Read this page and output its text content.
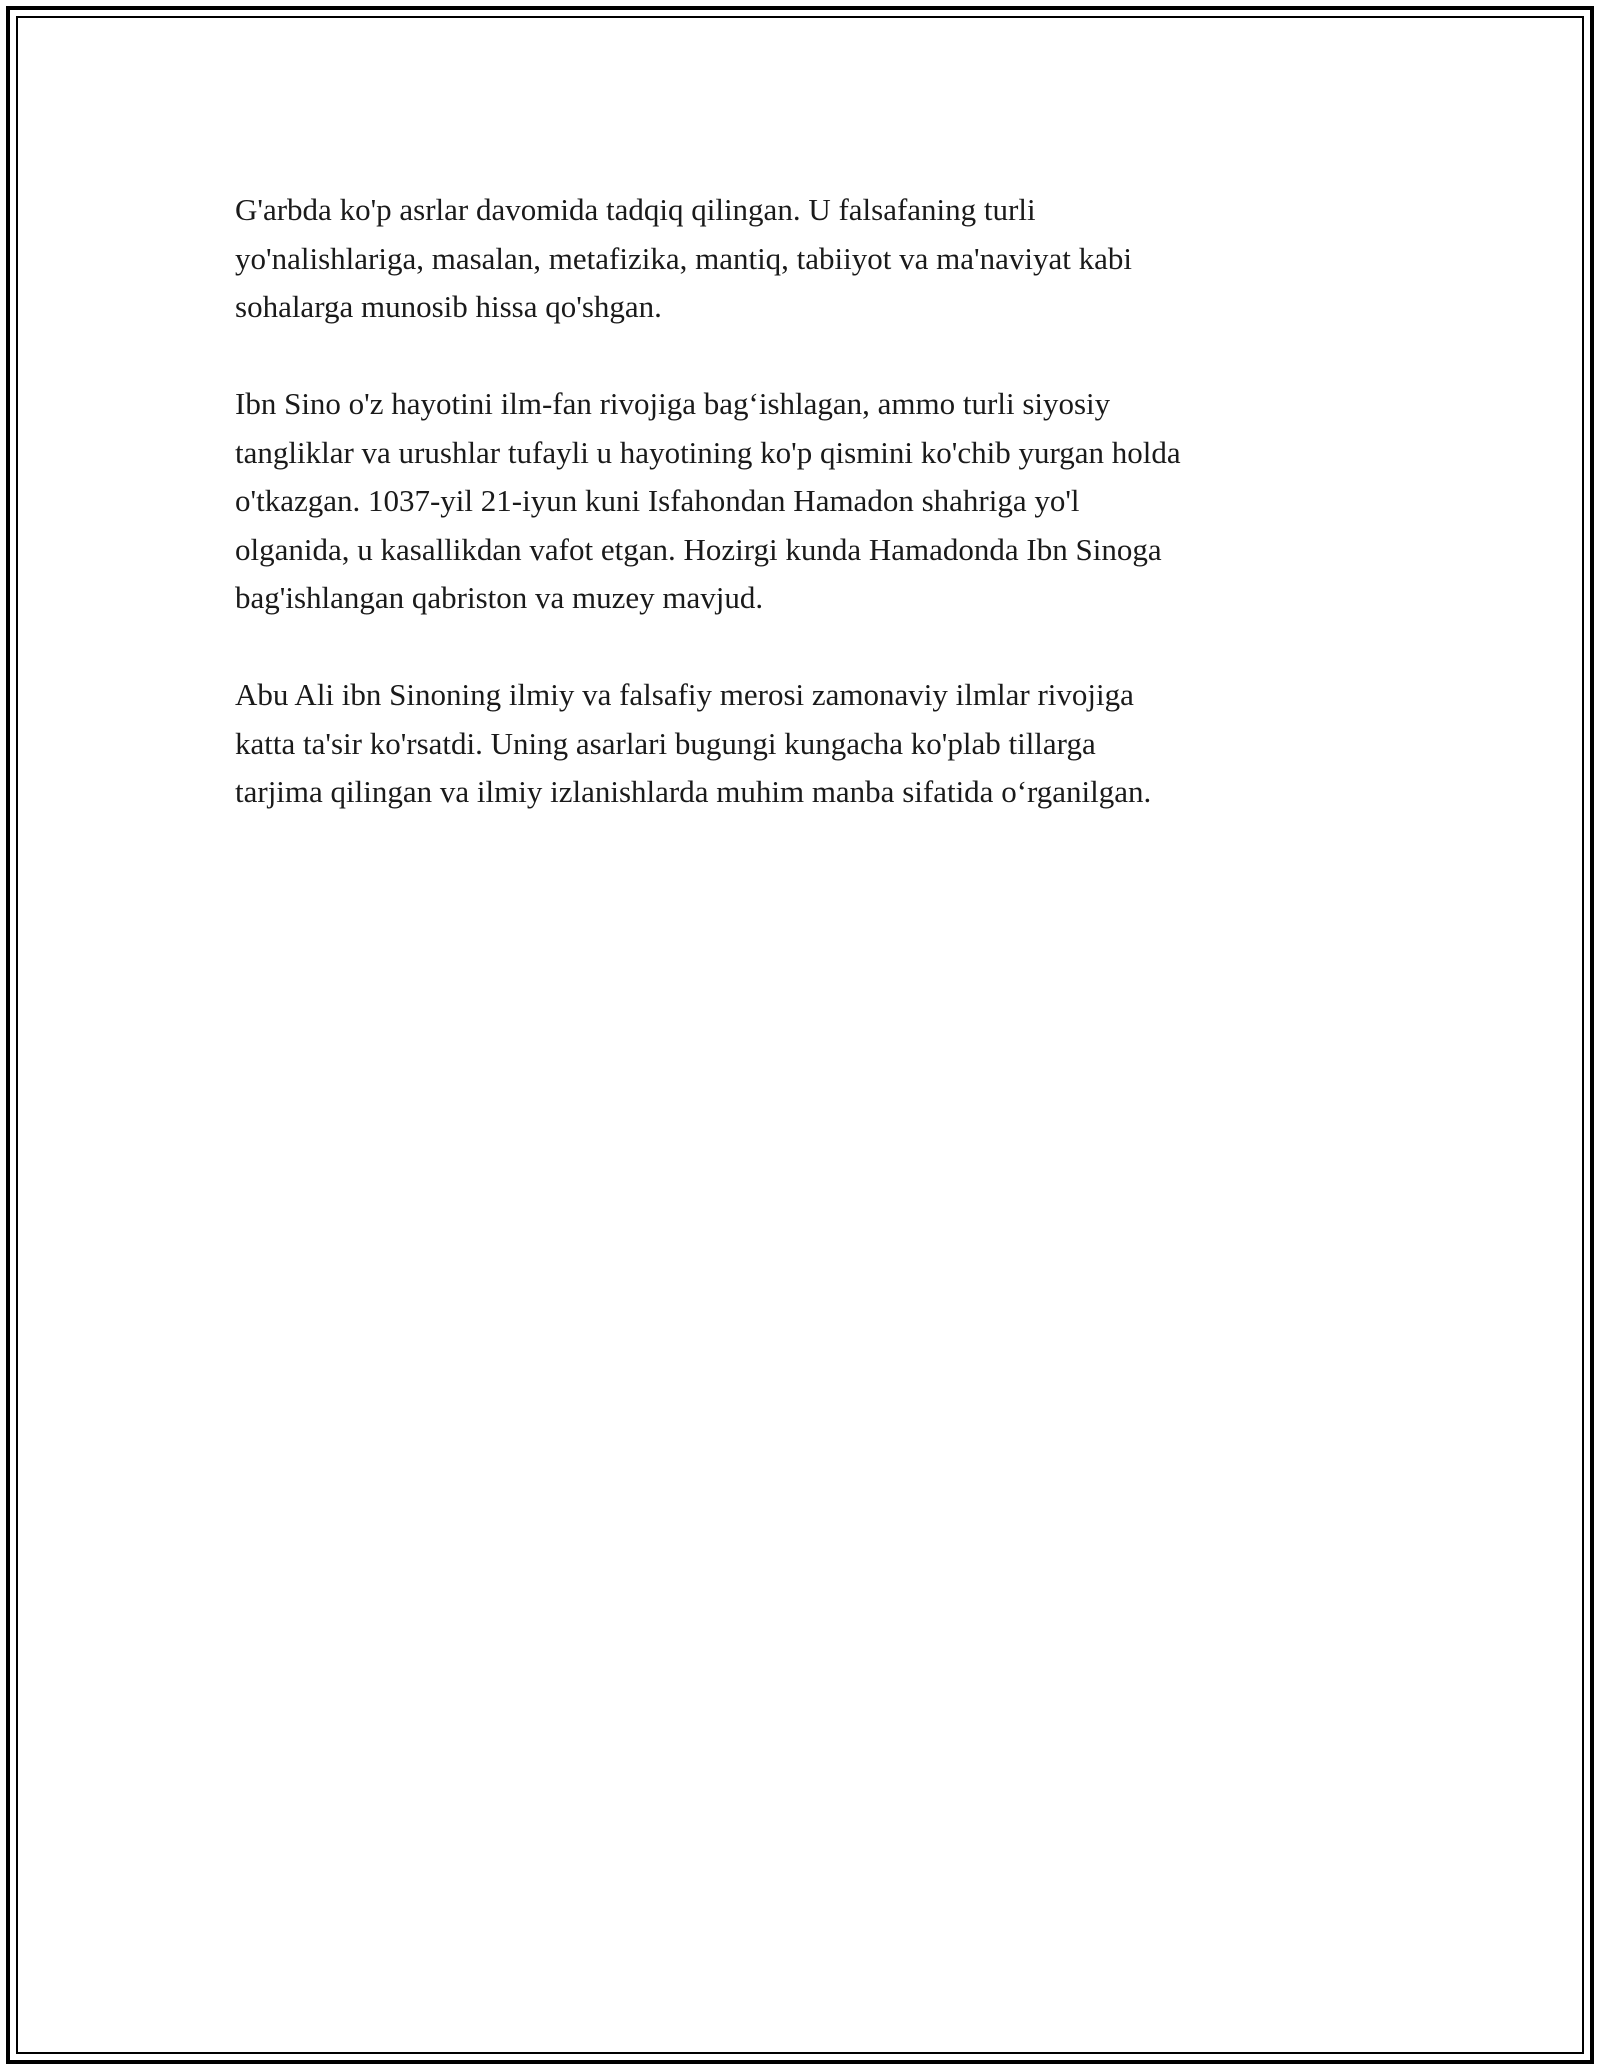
G'arbda ko'p asrlar davomida tadqiq qilingan. U falsafaning turli
yo'nalishlariga, masalan, metafizika, mantiq, tabiiyot va ma'naviyat kabi
sohalarga munosib hissa qo'shgan.

Ibn Sino o'z hayotini ilm-fan rivojiga bag‘ishlagan, ammo turli siyosiy
tangliklar va urushlar tufayli u hayotining ko'p qismini ko'chib yurgan holda
o'tkazgan. 1037-yil 21-iyun kuni Isfahondan Hamadon shahriga yo'l
olganida, u kasallikdan vafot etgan. Hozirgi kunda Hamadonda Ibn Sinoga
bag'ishlangan qabriston va muzey mavjud.

Abu Ali ibn Sinoning ilmiy va falsafiy merosi zamonaviy ilmlar rivojiga
katta ta'sir ko'rsatdi. Uning asarlari bugungi kungacha ko'plab tillarga
tarjima qilingan va ilmiy izlanishlarda muhim manba sifatida o‘rganilgan.
